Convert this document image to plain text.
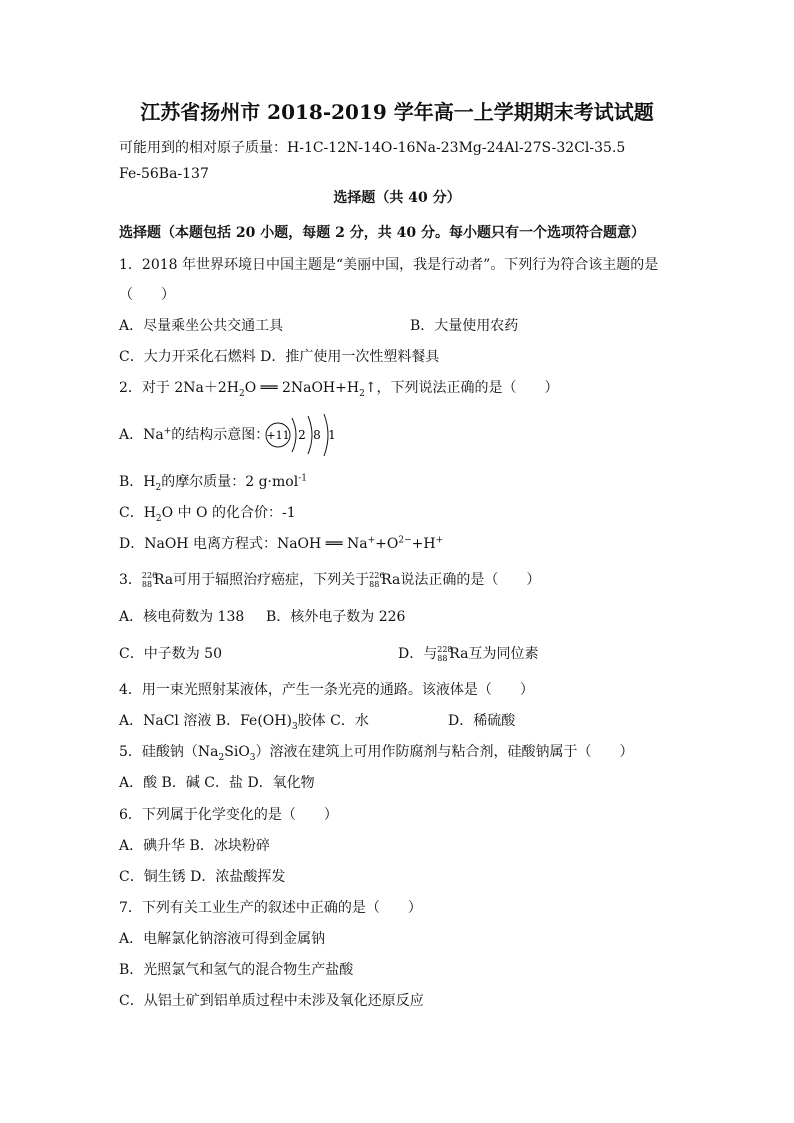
江苏省扬州市 2018-2019 学年高一上学期期末考试试题
可能用到的相对原子质量：H-1C-12N-14O-16Na-23Mg-24Al-27S-32Cl-35.5
Fe-56Ba-137
选择题（共 40 分）
选择题（本题包括 20 小题，每题 2 分，共 40 分。每小题只有一个选项符合题意）
1．2018 年世界环境日中国主题是“美丽中国，我是行动者”。下列行为符合该主题的是
（　　）
A．尽量乘坐公共交通工具	B．大量使用农药
C．大力开采化石燃料 D．推广使用一次性塑料餐具
2．对于 $2Na+2H_2O$ ══ $2NaOH+H_2↑$，下列说法正确的是（　　）
A．Na+的结构示意图：
+11 2 8 1
B．$H_2$的摩尔质量：2 g·mol$^{-1}$
C．$H_2O$ 中 O 的化合价：-1
D．NaOH 电离方程式：NaOH ══ $Na^++O^{2-}+H^+$
3． 226
88 Ra可用于辐照治疗癌症，下列关于 226
88 Ra说法正确的是（　　）
A．核电荷数为 138 B．核外电子数为 226
C．中子数为 50	D．与 228
88 Ra互为同位素
4．用一束光照射某液体，产生一条光亮的通路。该液体是（　　）
A．NaCl 溶液 B．$Fe(OH)_3$胶体 C．水	D．稀硫酸
5．硅酸钠$(Na_2SiO_3)$溶液在建筑上可用作防腐剂与粘合剂，硅酸钠属于（　　）
A．酸 B．碱 C．盐 D．氧化物
6．下列属于化学变化的是（　　）
A．碘升华 B．冰块粉碎
C．铜生锈 D．浓盐酸挥发
7．下列有关工业生产的叙述中正确的是（　　）
A．电解氯化钠溶液可得到金属钠
B．光照氯气和氢气的混合物生产盐酸
C．从铝土矿到铝单质过程中未涉及氧化还原反应
